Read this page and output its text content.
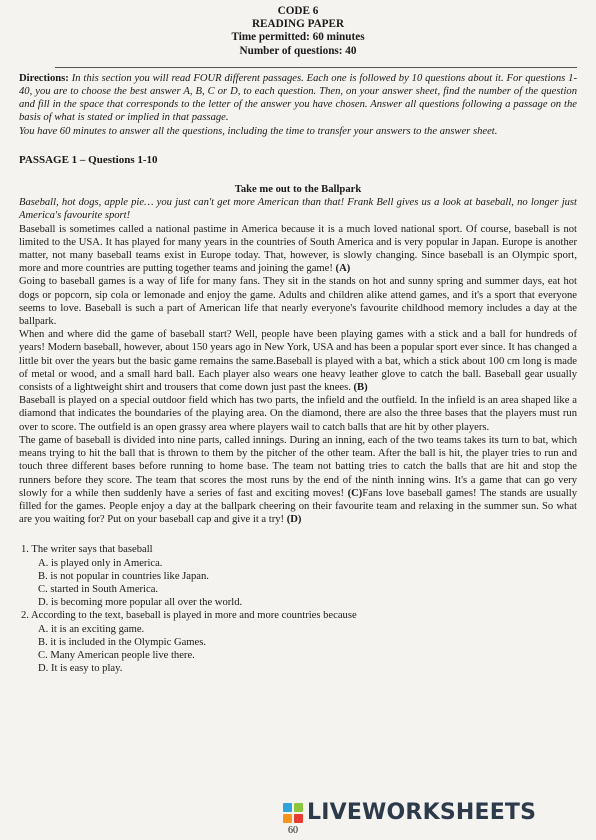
CODE 6
READING PAPER
Time permitted: 60 minutes
Number of questions: 40
Directions: In this section you will read FOUR different passages. Each one is followed by 10 questions about it. For questions 1-40, you are to choose the best answer A, B, C or D, to each question. Then, on your answer sheet, find the number of the question and fill in the space that corresponds to the letter of the answer you have chosen. Answer all questions following a passage on the basis of what is stated or implied in that passage.
You have 60 minutes to answer all the questions, including the time to transfer your answers to the answer sheet.
PASSAGE 1 – Questions 1-10
Take me out to the Ballpark
Baseball, hot dogs, apple pie… you just can't get more American than that! Frank Bell gives us a look at baseball, no longer just America's favourite sport!
Baseball is sometimes called a national pastime in America because it is a much loved national sport. Of course, baseball is not limited to the USA. It has played for many years in the countries of South America and is very popular in Japan. Europe is another matter, not many baseball teams exist in Europe today. That, however, is slowly changing. Since baseball is an Olympic sport, more and more countries are putting together teams and joining the game! (A)
Going to baseball games is a way of life for many fans. They sit in the stands on hot and sunny spring and summer days, eat hot dogs or popcorn, sip cola or lemonade and enjoy the game. Adults and children alike attend games, and it's a sport that everyone seems to love. Baseball is such a part of American life that nearly everyone's favourite childhood memory includes a day at the ballpark.
When and where did the game of baseball start? Well, people have been playing games with a stick and a ball for hundreds of years! Modern baseball, however, about 150 years ago in New York, USA and has been a popular sport ever since. It has changed a little bit over the years but the basic game remains the same.Baseball is played with a bat, which a stick about 100 cm long is made of metal or wood, and a small hard ball. Each player also wears one heavy leather glove to catch the ball. Baseball gear usually consists of a lightweight shirt and trousers that come down just past the knees. (B)
Baseball is played on a special outdoor field which has two parts, the infield and the outfield. In the infield is an area shaped like a diamond that indicates the boundaries of the playing area. On the diamond, there are also the three bases that the players must run over to score. The outfield is an open grassy area where players wail to catch balls that are hit by other players.
The game of baseball is divided into nine parts, called innings. During an inning, each of the two teams takes its turn to bat, which means trying to hit the ball that is thrown to them by the pitcher of the other team. After the ball is hit, the player tries to run and touch three different bases before running to home base. The team not batting tries to catch the balls that are hit and stop the runners before they score. The team that scores the most runs by the end of the ninth inning wins. It's a game that can go very slowly for a while then suddenly have a series of fast and exciting moves! (C)Fans love baseball games! The stands are usually filled for the games. People enjoy a day at the ballpark cheering on their favourite team and relaxing in the summer sun. So what are you waiting for? Put on your baseball cap and give it a try! (D)
1. The writer says that baseball
A. is played only in America.
B. is not popular in countries like Japan.
C. started in South America.
D. is becoming more popular all over the world.
2. According to the text, baseball is played in more and more countries because
A. it is an exciting game.
B. it is included in the Olympic Games.
C. Many American people live there.
D. It is easy to play.
LIVEWORKSHEETS
60
